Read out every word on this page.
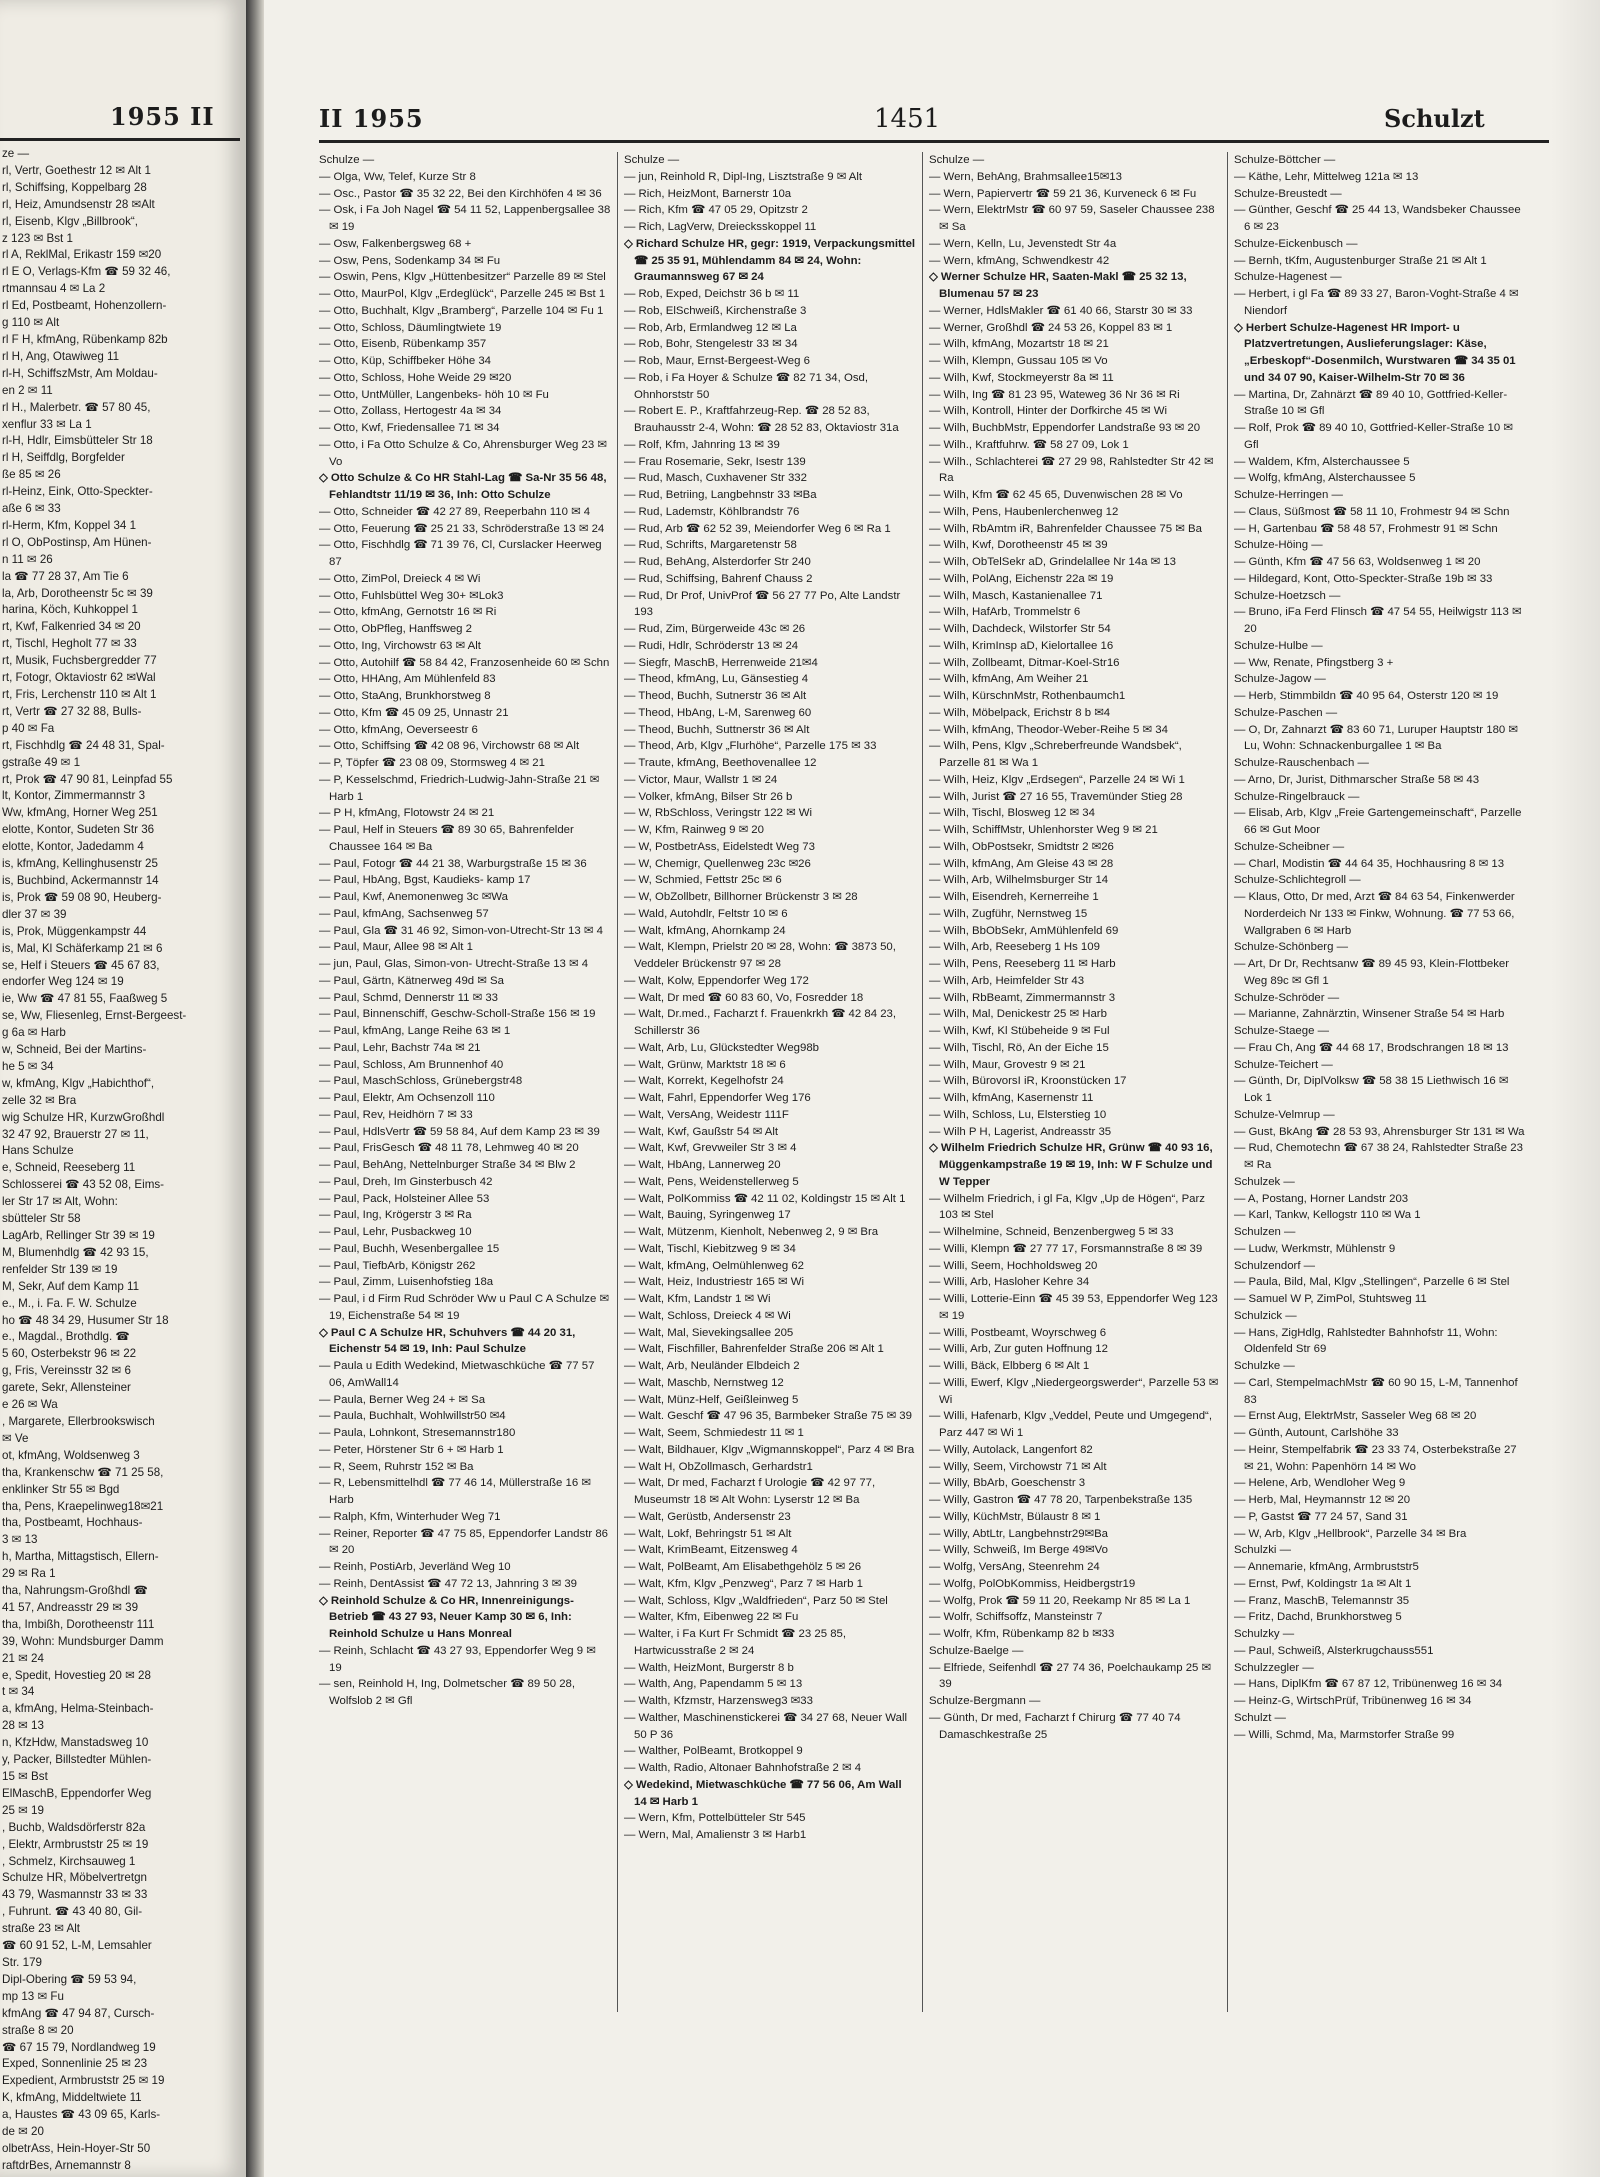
1955 II
ze —
rl, Vertr, Goethestr 12 ✉ Alt 1
rl, Schiffsing, Koppelbarg 28
rl, Heiz, Amundsenstr 28 ✉Alt
rl, Eisenb, Klgv „Billbrook“,
z 123 ✉ Bst 1
rl A, ReklMal, Erikastr 159 ✉20
rl E O, Verlags-Kfm ☎ 59 32 46,
rtmannsau 4 ✉ La 2
rl Ed, Postbeamt, Hohenzollern-
g 110 ✉ Alt
rl F H, kfmAng, Rübenkamp 82b
rl H, Ang, Otawiweg 11
rl-H, SchiffszMstr, Am Moldau-
en 2 ✉ 11
rl H., Malerbetr. ☎ 57 80 45,
xenflur 33 ✉ La 1
rl-H, Hdlr, Eimsbütteler Str 18
rl H, Seiffdlg, Borgfelder
ße 85 ✉ 26
rl-Heinz, Eink, Otto-Speckter-
aße 6 ✉ 33
rl-Herm, Kfm, Koppel 34 1
rl O, ObPostinsp, Am Hünen-
n 11 ✉ 26
la ☎ 77 28 37, Am Tie 6
la, Arb, Dorotheenstr 5c ✉ 39
harina, Köch, Kuhkoppel 1
rt, Kwf, Falkenried 34 ✉ 20
rt, Tischl, Hegholt 77 ✉ 33
rt, Musik, Fuchsbergredder 77
rt, Fotogr, Oktaviostr 62 ✉Wal
rt, Fris, Lerchenstr 110 ✉ Alt 1
rt, Vertr ☎ 27 32 88, Bulls-
p 40 ✉ Fa
rt, Fischhdlg ☎ 24 48 31, Spal-
gstraße 49 ✉ 1
rt, Prok ☎ 47 90 81, Leinpfad 55
lt, Kontor, Zimmermannstr 3
Ww, kfmAng, Horner Weg 251
elotte, Kontor, Sudeten Str 36
elotte, Kontor, Jadedamm 4
is, kfmAng, Kellinghusenstr 25
is, Buchbind, Ackermannstr 14
is, Prok ☎ 59 08 90, Heuberg-
dler 37 ✉ 39
is, Prok, Müggenkampstr 44
is, Mal, Kl Schäferkamp 21 ✉ 6
se, Helf i Steuers ☎ 45 67 83,
endorfer Weg 124 ✉ 19
ie, Ww ☎ 47 81 55, Faaßweg 5
se, Ww, Fliesenleg, Ernst-Bergeest-
g 6a ✉ Harb
w, Schneid, Bei der Martins-
he 5 ✉ 34
w, kfmAng, Klgv „Habichthof“,
zelle 32 ✉ Bra
wig Schulze HR, KurzwGroßhdl
32 47 92, Brauerstr 27 ✉ 11,
Hans Schulze
e, Schneid, Reeseberg 11
Schlosserei ☎ 43 52 08, Eims-
ler Str 17 ✉ Alt, Wohn:
sbütteler Str 58
LagArb, Rellinger Str 39 ✉ 19
M, Blumenhdlg ☎ 42 93 15,
renfelder Str 139 ✉ 19
M, Sekr, Auf dem Kamp 11
e., M., i. Fa. F. W. Schulze
ho ☎ 48 34 29, Husumer Str 18
e., Magdal., Brothdlg. ☎
5 60, Osterbekstr 96 ✉ 22
g, Fris, Vereinsstr 32 ✉ 6
garete, Sekr, Allensteiner
e 26 ✉ Wa
, Margarete, Ellerbrookswisch
✉ Ve
ot, kfmAng, Woldsenweg 3
tha, Krankenschw ☎ 71 25 58,
enklinker Str 55 ✉ Bgd
tha, Pens, Kraepelinweg18✉21
tha, Postbeamt, Hochhaus-
3 ✉ 13
h, Martha, Mittagstisch, Ellern-
29 ✉ Ra 1
tha, Nahrungsm-Großhdl ☎
41 57, Andreasstr 29 ✉ 39
tha, Imbißh, Dorotheenstr 111
39, Wohn: Mundsburger Damm
21 ✉ 24
e, Spedit, Hovestieg 20 ✉ 28
t ✉ 34
a, kfmAng, Helma-Steinbach-
28 ✉ 13
n, KfzHdw, Manstadsweg 10
y, Packer, Billstedter Mühlen-
15 ✉ Bst
ElMaschB, Eppendorfer Weg
25 ✉ 19
, Buchb, Waldsdörferstr 82a
, Elektr, Armbruststr 25 ✉ 19
, Schmelz, Kirchsauweg 1
Schulze HR, Möbelvertretgn
43 79, Wasmannstr 33 ✉ 33
, Fuhrunt. ☎ 43 40 80, Gil-
straße 23 ✉ Alt
☎ 60 91 52, L-M, Lemsahler
Str. 179
Dipl-Obering ☎ 59 53 94,
mp 13 ✉ Fu
kfmAng ☎ 47 94 87, Cursch-
straße 8 ✉ 20
☎ 67 15 79, Nordlandweg 19
Exped, Sonnenlinie 25 ✉ 23
Expedient, Armbruststr 25 ✉ 19
K, kfmAng, Middeltwiete 11
a, Haustes ☎ 43 09 65, Karls-
de ✉ 20
olbetrAss, Hein-Hoyer-Str 50
raftdrBes, Arnemannstr 8
II 1955	1451	Schulzt

Schulze —

— Olga, Ww, Telef, Kurze Str 8

— Osc., Pastor ☎ 35 32 22, Bei den Kirchhöfen 4 ✉ 36

— Osk, i Fa Joh Nagel ☎ 54 11 52, Lappenbergsallee 38 ✉ 19

— Osw, Falkenbergsweg 68 +

— Osw, Pens, Sodenkamp 34 ✉ Fu

— Oswin, Pens, Klgv „Hüttenbesitzer“ Parzelle 89 ✉ Stel

— Otto, MaurPol, Klgv „Erdeglück“, Parzelle 245 ✉ Bst 1

— Otto, Buchhalt, Klgv „Bramberg“, Parzelle 104 ✉ Fu 1

— Otto, Schloss, Däumlingtwiete 19

— Otto, Eisenb, Rübenkamp 357

— Otto, Küp, Schiffbeker Höhe 34

— Otto, Schloss, Hohe Weide 29 ✉20

— Otto, UntMüller, Langenbeks- höh 10 ✉ Fu

— Otto, Zollass, Hertogestr 4a ✉ 34

— Otto, Kwf, Friedensallee 71 ✉ 34

— Otto, i Fa Otto Schulze & Co, Ahrensburger Weg 23 ✉ Vo

◇ Otto Schulze & Co HR Stahl-Lag ☎ Sa-Nr 35 56 48, Fehlandtstr 11/19 ✉ 36, Inh: Otto Schulze

— Otto, Schneider ☎ 42 27 89, Reeperbahn 110 ✉ 4

— Otto, Feuerung ☎ 25 21 33, Schröderstraße 13 ✉ 24

— Otto, Fischhdlg ☎ 71 39 76, Cl, Curslacker Heerweg 87

— Otto, ZimPol, Dreieck 4 ✉ Wi

— Otto, Fuhlsbüttel Weg 30+ ✉Lok3

— Otto, kfmAng, Gernotstr 16 ✉ Ri

— Otto, ObPfleg, Hanffsweg 2

— Otto, Ing, Virchowstr 63 ✉ Alt

— Otto, Autohilf ☎ 58 84 42, Franzosenheide 60 ✉ Schn

— Otto, HHAng, Am Mühlenfeld 83

— Otto, StaAng, Brunkhorstweg 8

— Otto, Kfm ☎ 45 09 25, Unnastr 21

— Otto, kfmAng, Oeverseestr 6

— Otto, Schiffsing ☎ 42 08 96, Virchowstr 68 ✉ Alt

— P, Töpfer ☎ 23 08 09, Stormsweg 4 ✉ 21

— P, Kesselschmd, Friedrich-Ludwig-Jahn-Straße 21 ✉ Harb 1

— P H, kfmAng, Flotowstr 24 ✉ 21

— Paul, Helf in Steuers ☎ 89 30 65, Bahrenfelder Chaussee 164 ✉ Ba

— Paul, Fotogr ☎ 44 21 38, Warburgstraße 15 ✉ 36

— Paul, HbAng, Bgst, Kaudieks- kamp 17

— Paul, Kwf, Anemonenweg 3c ✉Wa

— Paul, kfmAng, Sachsenweg 57

— Paul, Gla ☎ 31 46 92, Simon-von-Utrecht-Str 13 ✉ 4

— Paul, Maur, Allee 98 ✉ Alt 1

— jun, Paul, Glas, Simon-von- Utrecht-Straße 13 ✉ 4

— Paul, Gärtn, Kätnerweg 49d ✉ Sa

— Paul, Schmd, Dennerstr 11 ✉ 33

— Paul, Binnenschiff, Geschw-Scholl-Straße 156 ✉ 19

— Paul, kfmAng, Lange Reihe 63 ✉ 1

— Paul, Lehr, Bachstr 74a ✉ 21

— Paul, Schloss, Am Brunnenhof 40

— Paul, MaschSchloss, Grünebergstr48

— Paul, Elektr, Am Ochsenzoll 110

— Paul, Rev, Heidhörn 7 ✉ 33

— Paul, HdlsVertr ☎ 59 58 84, Auf dem Kamp 23 ✉ 39

— Paul, FrisGesch ☎ 48 11 78, Lehmweg 40 ✉ 20

— Paul, BehAng, Nettelnburger Straße 34 ✉ Blw 2

— Paul, Dreh, Im Ginsterbusch 42

— Paul, Pack, Holsteiner Allee 53

— Paul, Ing, Krögerstr 3 ✉ Ra

— Paul, Lehr, Pusbackweg 10

— Paul, Buchh, Wesenbergallee 15

— Paul, TiefbArb, Königstr 262

— Paul, Zimm, Luisenhofstieg 18a

— Paul, i d Firm Rud Schröder Ww u Paul C A Schulze ✉ 19, Eichenstraße 54 ✉ 19

◇ Paul C A Schulze HR, Schuhvers ☎ 44 20 31, Eichenstr 54 ✉ 19, Inh: Paul Schulze

— Paula u Edith Wedekind, Mietwaschküche ☎ 77 57 06, AmWall14

— Paula, Berner Weg 24 + ✉ Sa

— Paula, Buchhalt, Wohlwillstr50 ✉4

— Paula, Lohnkont, Stresemannstr180

— Peter, Hörstener Str 6 + ✉ Harb 1

— R, Seem, Ruhrstr 152 ✉ Ba

— R, Lebensmittelhdl ☎ 77 46 14, Müllerstraße 16 ✉ Harb

— Ralph, Kfm, Winterhuder Weg 71

— Reiner, Reporter ☎ 47 75 85, Eppendorfer Landstr 86 ✉ 20

— Reinh, PostiArb, Jeverländ Weg 10

— Reinh, DentAssist ☎ 47 72 13, Jahnring 3 ✉ 39

◇ Reinhold Schulze & Co HR, Innenreinigungs-Betrieb ☎ 43 27 93, Neuer Kamp 30 ✉ 6, Inh: Reinhold Schulze u Hans Monreal

— Reinh, Schlacht ☎ 43 27 93, Eppendorfer Weg 9 ✉ 19

— sen, Reinhold H, Ing, Dolmetscher ☎ 89 50 28, Wolfslob 2 ✉ Gfl

Schulze —

— jun, Reinhold R, Dipl-Ing, Lisztstraße 9 ✉ Alt

— Rich, HeizMont, Barnerstr 10a

— Rich, Kfm ☎ 47 05 29, Opitzstr 2

— Rich, LagVerw, Dreiecksskoppel 11

◇ Richard Schulze HR, gegr: 1919, Verpackungsmittel ☎ 25 35 91, Mühlendamm 84 ✉ 24, Wohn: Graumannsweg 67 ✉ 24

— Rob, Exped, Deichstr 36 b ✉ 11

— Rob, ElSchweiß, Kirchenstraße 3

— Rob, Arb, Ermlandweg 12 ✉ La

— Rob, Bohr, Stengelestr 33 ✉ 34

— Rob, Maur, Ernst-Bergeest-Weg 6

— Rob, i Fa Hoyer & Schulze ☎ 82 71 34, Osd, Ohnhorststr 50

— Robert E. P., Kraftfahrzeug-Rep. ☎ 28 52 83, Brauhausstr 2-4, Wohn: ☎ 28 52 83, Oktaviostr 31a

— Rolf, Kfm, Jahnring 13 ✉ 39

— Frau Rosemarie, Sekr, Isestr 139

— Rud, Masch, Cuxhavener Str 332

— Rud, Betriing, Langbehnstr 33 ✉Ba

— Rud, Lademstr, Köhlbrandstr 76

— Rud, Arb ☎ 62 52 39, Meiendorfer Weg 6 ✉ Ra 1

— Rud, Schrifts, Margaretenstr 58

— Rud, BehAng, Alsterdorfer Str 240

— Rud, Schiffsing, Bahrenf Chauss 2

— Rud, Dr Prof, UnivProf ☎ 56 27 77 Po, Alte Landstr 193

— Rud, Zim, Bürgerweide 43c ✉ 26

— Rudi, Hdlr, Schröderstr 13 ✉ 24

— Siegfr, MaschB, Herrenweide 21✉4

— Theod, kfmAng, Lu, Gänsestieg 4

— Theod, Buchh, Sutnerstr 36 ✉ Alt

— Theod, HbAng, L-M, Sarenweg 60

— Theod, Buchh, Suttnerstr 36 ✉ Alt

— Theod, Arb, Klgv „Flurhöhe“, Parzelle 175 ✉ 33

— Traute, kfmAng, Beethovenallee 12

— Victor, Maur, Wallstr 1 ✉ 24

— Volker, kfmAng, Bilser Str 26 b

— W, RbSchloss, Veringstr 122 ✉ Wi

— W, Kfm, Rainweg 9 ✉ 20

— W, PostbetrAss, Eidelstedt Weg 73

— W, Chemigr, Quellenweg 23c ✉26

— W, Schmied, Fettstr 25c ✉ 6

— W, ObZollbetr, Billhorner Brückenstr 3 ✉ 28

— Wald, Autohdlr, Feltstr 10 ✉ 6

— Walt, kfmAng, Ahornkamp 24

— Walt, Klempn, Prielstr 20 ✉ 28, Wohn: ☎ 3873 50, Veddeler Brückenstr 97 ✉ 28

— Walt, Kolw, Eppendorfer Weg 172

— Walt, Dr med ☎ 60 83 60, Vo, Fosredder 18

— Walt, Dr.med., Facharzt f. Frauenkrkh ☎ 42 84 23, Schillerstr 36

— Walt, Arb, Lu, Glückstedter Weg98b

— Walt, Grünw, Marktstr 18 ✉ 6

— Walt, Korrekt, Kegelhofstr 24

— Walt, Fahrl, Eppendorfer Weg 176

— Walt, VersAng, Weidestr 111F

— Walt, Kwf, Gaußstr 54 ✉ Alt

— Walt, Kwf, Grevweiler Str 3 ✉ 4

— Walt, HbAng, Lannerweg 20

— Walt, Pens, Weidenstellerweg 5

— Walt, PolKommiss ☎ 42 11 02, Koldingstr 15 ✉ Alt 1

— Walt, Bauing, Syringenweg 17

— Walt, Mützenm, Kienholt, Nebenweg 2, 9 ✉ Bra

— Walt, Tischl, Kiebitzweg 9 ✉ 34

— Walt, kfmAng, Oelmühlenweg 62

— Walt, Heiz, Industriestr 165 ✉ Wi

— Walt, Kfm, Landstr 1 ✉ Wi

— Walt, Schloss, Dreieck 4 ✉ Wi

— Walt, Mal, Sievekingsallee 205

— Walt, Fischfiller, Bahrenfelder Straße 206 ✉ Alt 1

— Walt, Arb, Neuländer Elbdeich 2

— Walt, Maschb, Nernstweg 12

— Walt, Münz-Helf, Geißleinweg 5

— Walt. Geschf ☎ 47 96 35, Barmbeker Straße 75 ✉ 39

— Walt, Seem, Schmiedestr 11 ✉ 1

— Walt, Bildhauer, Klgv „Wigmannskoppel“, Parz 4 ✉ Bra

— Walt H, ObZollmasch, Gerhardstr1

— Walt, Dr med, Facharzt f Urologie ☎ 42 97 77, Museumstr 18 ✉ Alt Wohn: Lyserstr 12 ✉ Ba

— Walt, Gerüstb, Andersenstr 23

— Walt, Lokf, Behringstr 51 ✉ Alt

— Walt, KrimBeamt, Eitzensweg 4

— Walt, PolBeamt, Am Elisabethgehölz 5 ✉ 26

— Walt, Kfm, Klgv „Penzweg“, Parz 7 ✉ Harb 1

— Walt, Schloss, Klgv „Waldfrieden“, Parz 50 ✉ Stel

— Walter, Kfm, Eibenweg 22 ✉ Fu

— Walter, i Fa Kurt Fr Schmidt ☎ 23 25 85, Hartwicusstraße 2 ✉ 24

— Walth, HeizMont, Burgerstr 8 b

— Walth, Ang, Papendamm 5 ✉ 13

— Walth, Kfzmstr, Harzensweg3 ✉33

— Walther, Maschinenstickerei ☎ 34 27 68, Neuer Wall 50 P 36

— Walther, PolBeamt, Brotkoppel 9

— Walth, Radio, Altonaer Bahnhofstraße 2 ✉ 4

◇ Wedekind, Mietwaschküche ☎ 77 56 06, Am Wall 14 ✉ Harb 1

— Wern, Kfm, Pottelbütteler Str 545

— Wern, Mal, Amalienstr 3 ✉ Harb1

Schulze —

— Wern, BehAng, Brahmsallee15✉13

— Wern, Papiervertr ☎ 59 21 36, Kurveneck 6 ✉ Fu

— Wern, ElektrMstr ☎ 60 97 59, Saseler Chaussee 238 ✉ Sa

— Wern, Kelln, Lu, Jevenstedt Str 4a

— Wern, kfmAng, Schwendkestr 42

◇ Werner Schulze HR, Saaten-Makl ☎ 25 32 13, Blumenau 57 ✉ 23

— Werner, HdlsMakler ☎ 61 40 66, Starstr 30 ✉ 33

— Werner, Großhdl ☎ 24 53 26, Koppel 83 ✉ 1

— Wilh, kfmAng, Mozartstr 18 ✉ 21

— Wilh, Klempn, Gussau 105 ✉ Vo

— Wilh, Kwf, Stockmeyerstr 8a ✉ 11

— Wilh, Ing ☎ 81 23 95, Wateweg 36 Nr 36 ✉ Ri

— Wilh, Kontroll, Hinter der Dorfkirche 45 ✉ Wi

— Wilh, BuchbMstr, Eppendorfer Landstraße 93 ✉ 20

— Wilh., Kraftfuhrw. ☎ 58 27 09, Lok 1

— Wilh., Schlachterei ☎ 27 29 98, Rahlstedter Str 42 ✉ Ra

— Wilh, Kfm ☎ 62 45 65, Duvenwischen 28 ✉ Vo

— Wilh, Pens, Haubenlerchenweg 12

— Wilh, RbAmtm iR, Bahrenfelder Chaussee 75 ✉ Ba

— Wilh, Kwf, Dorotheenstr 45 ✉ 39

— Wilh, ObTelSekr aD, Grindelallee Nr 14a ✉ 13

— Wilh, PolAng, Eichenstr 22a ✉ 19

— Wilh, Masch, Kastanienallee 71

— Wilh, HafArb, Trommelstr 6

— Wilh, Dachdeck, Wilstorfer Str 54

— Wilh, KrimInsp aD, Kielortallee 16

— Wilh, Zollbeamt, Ditmar-Koel-Str16

— Wilh, kfmAng, Am Weiher 21

— Wilh, KürschnMstr, Rothenbaumch1

— Wilh, Möbelpack, Erichstr 8 b ✉4

— Wilh, kfmAng, Theodor-Weber-Reihe 5 ✉ 34

— Wilh, Pens, Klgv „Schreberfreunde Wandsbek“, Parzelle 81 ✉ Wa 1

— Wilh, Heiz, Klgv „Erdsegen“, Parzelle 24 ✉ Wi 1

— Wilh, Jurist ☎ 27 16 55, Travemünder Stieg 28

— Wilh, Tischl, Blosweg 12 ✉ 34

— Wilh, SchiffMstr, Uhlenhorster Weg 9 ✉ 21

— Wilh, ObPostsekr, Smidtstr 2 ✉26

— Wilh, kfmAng, Am Gleise 43 ✉ 28

— Wilh, Arb, Wilhelmsburger Str 14

— Wilh, Eisendreh, Kernerreihe 1

— Wilh, Zugführ, Nernstweg 15

— Wilh, BbObSekr, AmMühlenfeld 69

— Wilh, Arb, Reeseberg 1 Hs 109

— Wilh, Pens, Reeseberg 11 ✉ Harb

— Wilh, Arb, Heimfelder Str 43

— Wilh, RbBeamt, Zimmermannstr 3

— Wilh, Mal, Denickestr 25 ✉ Harb

— Wilh, Kwf, Kl Stübeheide 9 ✉ Ful

— Wilh, Tischl, Rö, An der Eiche 15

— Wilh, Maur, Grovestr 9 ✉ 21

— Wilh, BürovorsI iR, Kroonstücken 17

— Wilh, kfmAng, Kasernenstr 11

— Wilh, Schloss, Lu, Elsterstieg 10

— Wilh P H, Lagerist, Andreasstr 35

◇ Wilhelm Friedrich Schulze HR, Grünw ☎ 40 93 16, Müggenkampstraße 19 ✉ 19, Inh: W F Schulze und W Tepper

— Wilhelm Friedrich, i gl Fa, Klgv „Up de Högen“, Parz 103 ✉ Stel

— Wilhelmine, Schneid, Benzenbergweg 5 ✉ 33

— Willi, Klempn ☎ 27 77 17, Forsmannstraße 8 ✉ 39

— Willi, Seem, Hochholdsweg 20

— Willi, Arb, Hasloher Kehre 34

— Willi, Lotterie-Einn ☎ 45 39 53, Eppendorfer Weg 123 ✉ 19

— Willi, Postbeamt, Woyrschweg 6

— Willi, Arb, Zur guten Hoffnung 12

— Willi, Bäck, Elbberg 6 ✉ Alt 1

— Willi, Ewerf, Klgv „Niedergeorgswerder“, Parzelle 53 ✉ Wi

— Willi, Hafenarb, Klgv „Veddel, Peute und Umgegend“, Parz 447 ✉ Wi 1

— Willy, Autolack, Langenfort 82

— Willy, Seem, Virchowstr 71 ✉ Alt

— Willy, BbArb, Goeschenstr 3

— Willy, Gastron ☎ 47 78 20, Tarpenbekstraße 135

— Willy, KüchMstr, Bülaustr 8 ✉ 1

— Willy, AbtLtr, Langbehnstr29✉Ba

— Willy, Schweiß, Im Berge 49✉Vo

— Wolfg, VersAng, Steenrehm 24

— Wolfg, PolObKommiss, Heidbergstr19

— Wolfg, Prok ☎ 59 11 20, Reekamp Nr 85 ✉ La 1

— Wolfr, Schiffsoffz, Mansteinstr 7

— Wolfr, Kfm, Rübenkamp 82 b ✉33

Schulze-Baelge —

— Elfriede, Seifenhdl ☎ 27 74 36, Poelchaukamp 25 ✉ 39

Schulze-Bergmann —

— Günth, Dr med, Facharzt f Chirurg ☎ 77 40 74 Damaschkestraße 25

Schulze-Böttcher —

— Käthe, Lehr, Mittelweg 121a ✉ 13

Schulze-Breustedt —

— Günther, Geschf ☎ 25 44 13, Wandsbeker Chaussee 6 ✉ 23

Schulze-Eickenbusch —

— Bernh, tKfm, Augustenburger Straße 21 ✉ Alt 1

Schulze-Hagenest —

— Herbert, i gl Fa ☎ 89 33 27, Baron-Voght-Straße 4 ✉ Niendorf

◇ Herbert Schulze-Hagenest HR Import- u Platzvertretungen, Auslieferungslager: Käse, „Erbeskopf“-Dosenmilch, Wurstwaren ☎ 34 35 01 und 34 07 90, Kaiser-Wilhelm-Str 70 ✉ 36

— Martina, Dr, Zahnärzt ☎ 89 40 10, Gottfried-Keller-Straße 10 ✉ Gfl

— Rolf, Prok ☎ 89 40 10, Gottfried-Keller-Straße 10 ✉ Gfl

— Waldem, Kfm, Alsterchaussee 5

— Wolfg, kfmAng, Alsterchaussee 5

Schulze-Herringen —

— Claus, Süßmost ☎ 58 11 10, Frohmestr 94 ✉ Schn

— H, Gartenbau ☎ 58 48 57, Frohmestr 91 ✉ Schn

Schulze-Höing —

— Günth, Kfm ☎ 47 56 63, Woldsenweg 1 ✉ 20

— Hildegard, Kont, Otto-Speckter-Straße 19b ✉ 33

Schulze-Hoetzsch —

— Bruno, iFa Ferd Flinsch ☎ 47 54 55, Heilwigstr 113 ✉ 20

Schulze-Hulbe —

— Ww, Renate, Pfingstberg 3 +

Schulze-Jagow —

— Herb, Stimmbildn ☎ 40 95 64, Osterstr 120 ✉ 19

Schulze-Paschen —

— O, Dr, Zahnarzt ☎ 83 60 71, Luruper Hauptstr 180 ✉ Lu, Wohn: Schnackenburgallee 1 ✉ Ba

Schulze-Rauschenbach —

— Arno, Dr, Jurist, Dithmarscher Straße 58 ✉ 43

Schulze-Ringelbrauck —

— Elisab, Arb, Klgv „Freie Gartengemeinschaft“, Parzelle 66 ✉ Gut Moor

Schulze-Scheibner —

— Charl, Modistin ☎ 44 64 35, Hochhausring 8 ✉ 13

Schulze-Schlichtegroll —

— Klaus, Otto, Dr med, Arzt ☎ 84 63 54, Finkenwerder Norderdeich Nr 133 ✉ Finkw, Wohnung. ☎ 77 53 66, Wallgraben 6 ✉ Harb

Schulze-Schönberg —

— Art, Dr Dr, Rechtsanw ☎ 89 45 93, Klein-Flottbeker Weg 89c ✉ Gfl 1

Schulze-Schröder —

— Marianne, Zahnärztin, Winsener Straße 54 ✉ Harb

Schulze-Staege —

— Frau Ch, Ang ☎ 44 68 17, Brodschrangen 18 ✉ 13

Schulze-Teichert —

— Günth, Dr, DiplVolksw ☎ 58 38 15 Liethwisch 16 ✉ Lok 1

Schulze-Velmrup —

— Gust, BkAng ☎ 28 53 93, Ahrensburger Str 131 ✉ Wa

— Rud, Chemotechn ☎ 67 38 24, Rahlstedter Straße 23 ✉ Ra

Schulzek —

— A, Postang, Horner Landstr 203

— Karl, Tankw, Kellogstr 110 ✉ Wa 1

Schulzen —

— Ludw, Werkmstr, Mühlenstr 9

Schulzendorf —

— Paula, Bild, Mal, Klgv „Stellingen“, Parzelle 6 ✉ Stel

— Samuel W P, ZimPol, Stuhtsweg 11

Schulzick —

— Hans, ZigHdlg, Rahlstedter Bahnhofstr 11, Wohn: Oldenfeld Str 69

Schulzke —

— Carl, StempelmachMstr ☎ 60 90 15, L-M, Tannenhof 83

— Ernst Aug, ElektrMstr, Sasseler Weg 68 ✉ 20

— Günth, Autount, Carlshöhe 33

— Heinr, Stempelfabrik ☎ 23 33 74, Osterbekstraße 27 ✉ 21, Wohn: Papenhörn 14 ✉ Wo

— Helene, Arb, Wendloher Weg 9

— Herb, Mal, Heymannstr 12 ✉ 20

— P, Gastst ☎ 77 24 57, Sand 31

— W, Arb, Klgv „Hellbrook“, Parzelle 34 ✉ Bra

Schulzki —

— Annemarie, kfmAng, Armbruststr5

— Ernst, Pwf, Koldingstr 1a ✉ Alt 1

— Franz, MaschB, Telemannstr 35

— Fritz, Dachd, Brunkhorstweg 5

Schulzky —

— Paul, Schweiß, Alsterkrugchauss551

Schulzzegler —

— Hans, DiplKfm ☎ 67 87 12, Tribünenweg 16 ✉ 34

— Heinz-G, WirtschPrüf, Tribünenweg 16 ✉ 34

Schulzt —

— Willi, Schmd, Ma, Marmstorfer Straße 99
